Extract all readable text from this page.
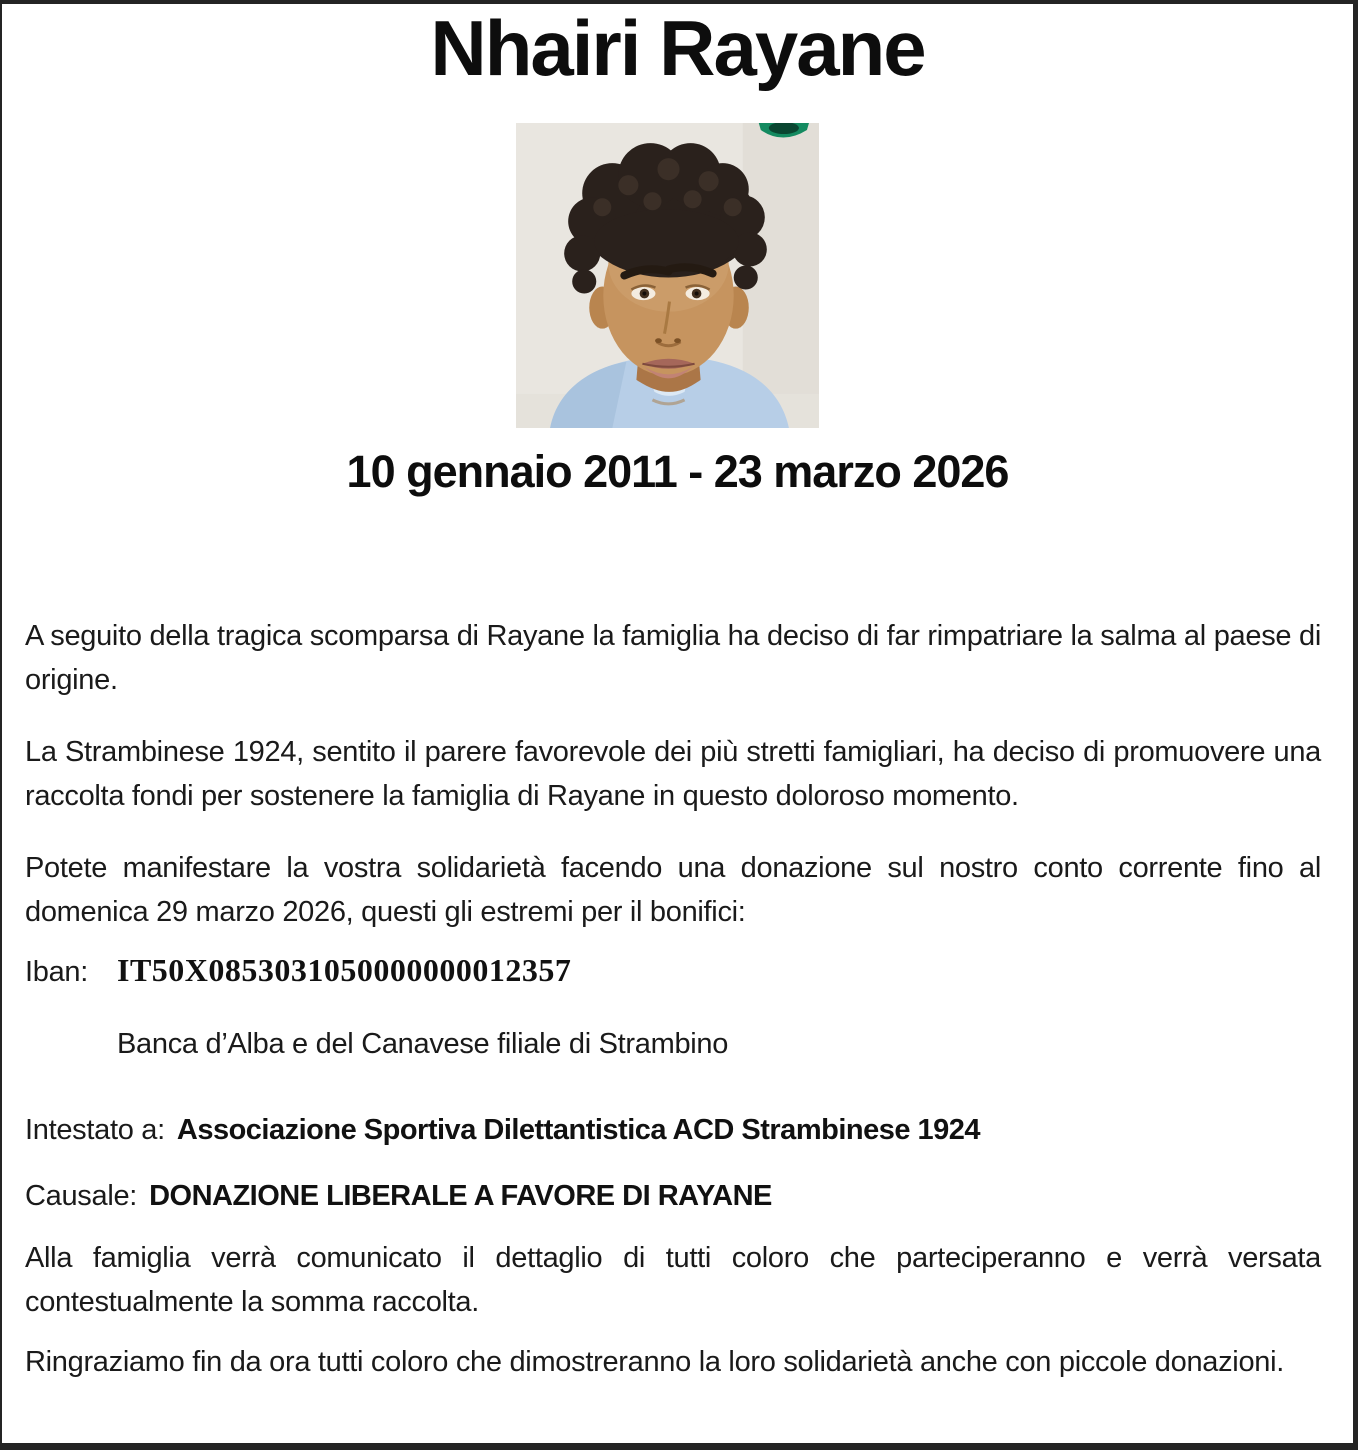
Nhairi Rayane
10 gennaio 2011 - 23 marzo 2026

A seguito della tragica scomparsa di Rayane la famiglia ha deciso di far rimpatriare la salma al paese di origine.

La Strambinese 1924, sentito il parere favorevole dei più stretti famigliari, ha deciso di promuovere una raccolta fondi per sostenere la famiglia di Rayane in questo doloroso momento.

Potete manifestare la vostra solidarietà facendo una donazione sul nostro conto corrente fino al domenica 29 marzo 2026, questi gli estremi per il bonifici:

Iban: IT50X0853031050000000012357

Banca d’Alba e del Canavese filiale di Strambino

Intestato a: Associazione Sportiva Dilettantistica ACD Strambinese 1924

Causale: DONAZIONE LIBERALE A FAVORE DI RAYANE

Alla famiglia verrà comunicato il dettaglio di tutti coloro che parteciperanno e verrà versata contestualmente la somma raccolta.

Ringraziamo fin da ora tutti coloro che dimostreranno la loro solidarietà anche con piccole donazioni.
